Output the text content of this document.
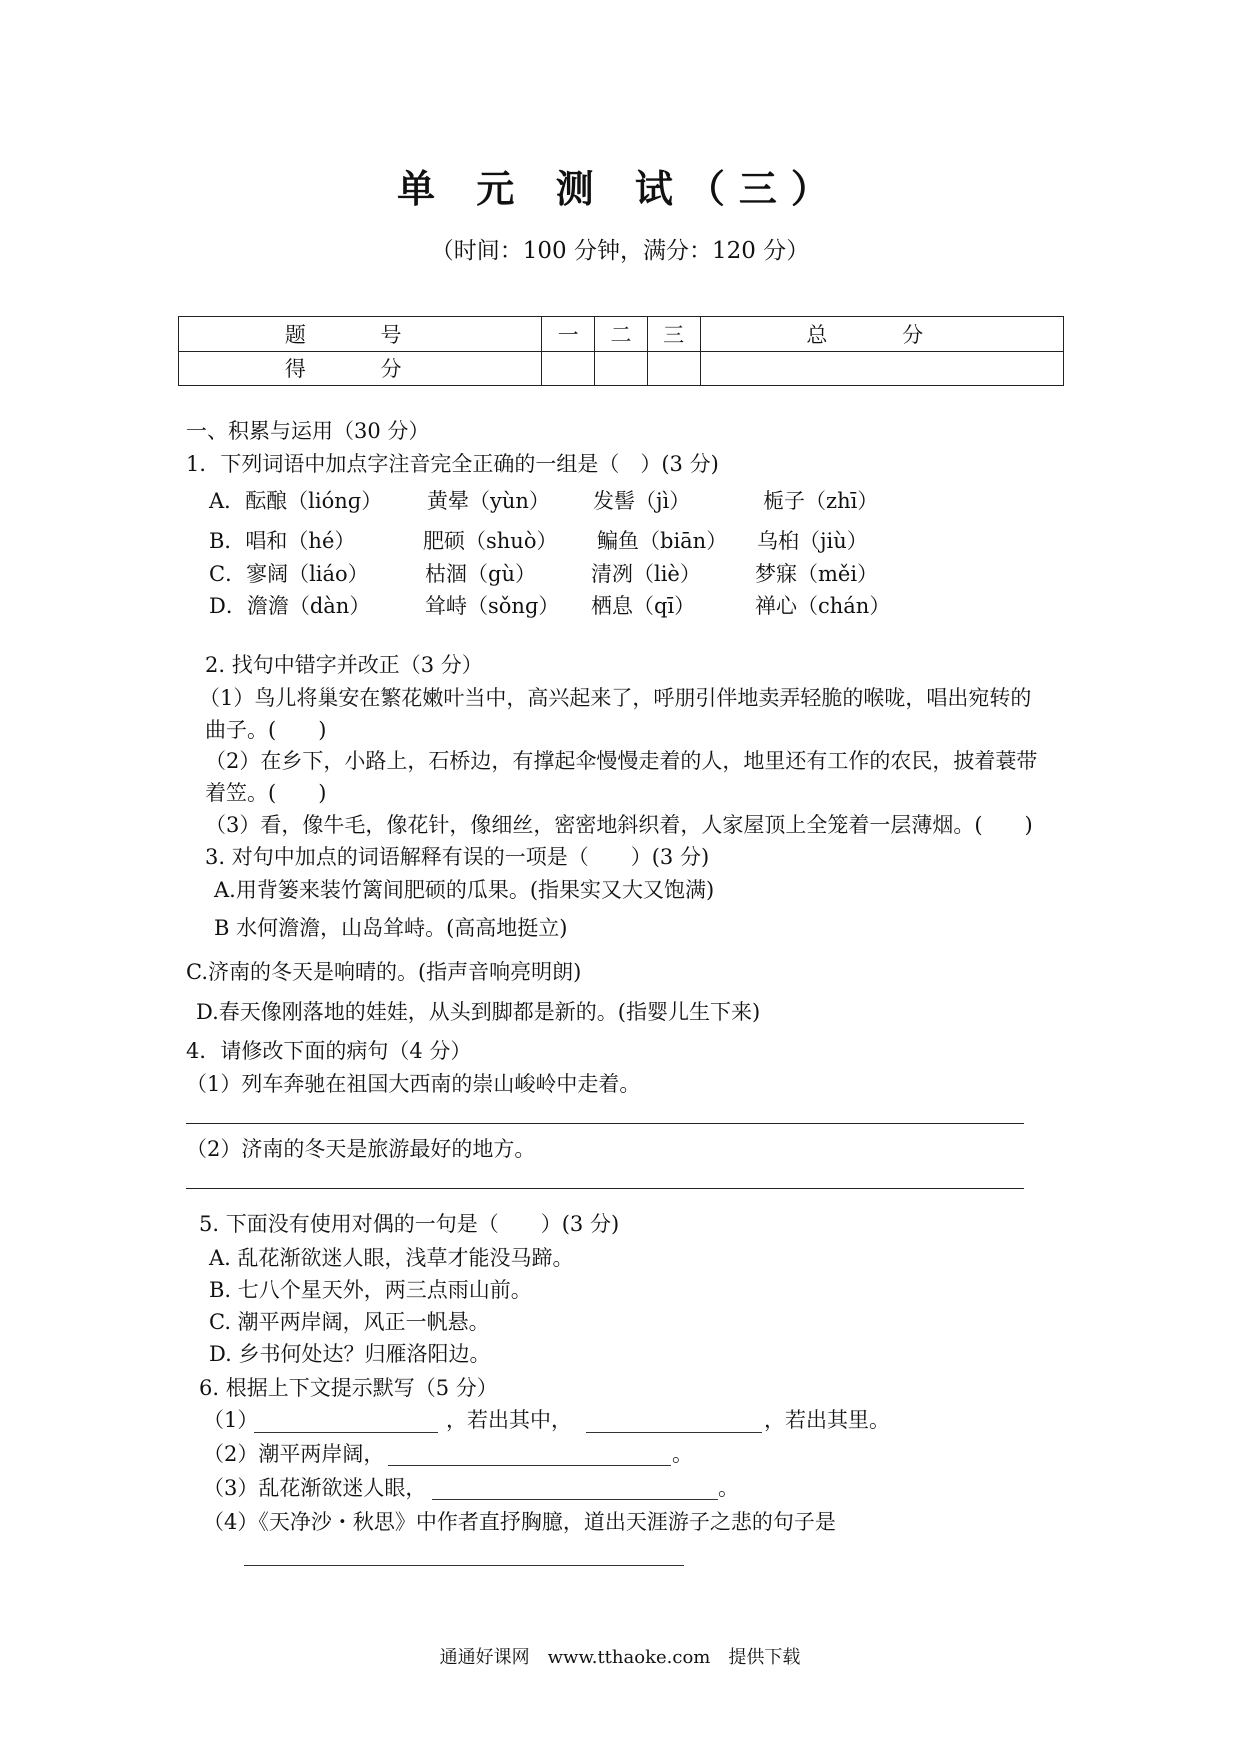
单 元 测 试（三）
（时间：100 分钟，满分：120 分）
题 号	一	二	三	总 分
得 分				
一、积累与运用（30 分）
1．下列词语中加点字注音完全正确的一组是（　）(3 分)
A．酝酿（liónɡ） 黄晕（yùn） 发髻（jì）	栀子（zhī）
B．唱和（hé）	肥硕（shuò） 鳊鱼（biān） 乌桕（jiù）
C．寥阔（liáo）	枯涸（gù）	清冽（liè）	梦寐（měi）
D．澹澹（dàn）	耸峙（sǒnɡ） 栖息（qī）	禅心（chán）
2. 找句中错字并改正（3 分）
（1）鸟儿将巢安在繁花嫩叶当中，高兴起来了，呼朋引伴地卖弄轻脆的喉咙，唱出宛转的
曲子。(　　)
（2）在乡下，小路上，石桥边，有撑起伞慢慢走着的人，地里还有工作的农民，披着蓑带
着笠。(　　)
（3）看，像牛毛，像花针，像细丝，密密地斜织着，人家屋顶上全笼着一层薄烟。(　　)
3. 对句中加点的词语解释有误的一项是（　　）(3 分)
A.用背篓来装竹篱间肥硕的瓜果。(指果实又大又饱满)
B 水何澹澹，山岛耸峙。(高高地挺立)
C.济南的冬天是响晴的。(指声音响亮明朗)
D.春天像刚落地的娃娃，从头到脚都是新的。(指婴儿生下来)
4．请修改下面的病句（4 分）
（1）列车奔驰在祖国大西南的崇山峻岭中走着。
（2）济南的冬天是旅游最好的地方。
5. 下面没有使用对偶的一句是（　　）(3 分)
A. 乱花渐欲迷人眼，浅草才能没马蹄。
B. 七八个星天外，两三点雨山前。
C. 潮平两岸阔，风正一帆悬。
D. 乡书何处达？归雁洛阳边。
6. 根据上下文提示默写（5 分）
（1）	，若出其中，	，若出其里。
（2）潮平两岸阔，	。
（3）乱花渐欲迷人眼，	。
（4）《天净沙・秋思》中作者直抒胸臆，道出天涯游子之悲的句子是
通通好课网　www.tthaoke.com　提供下载
